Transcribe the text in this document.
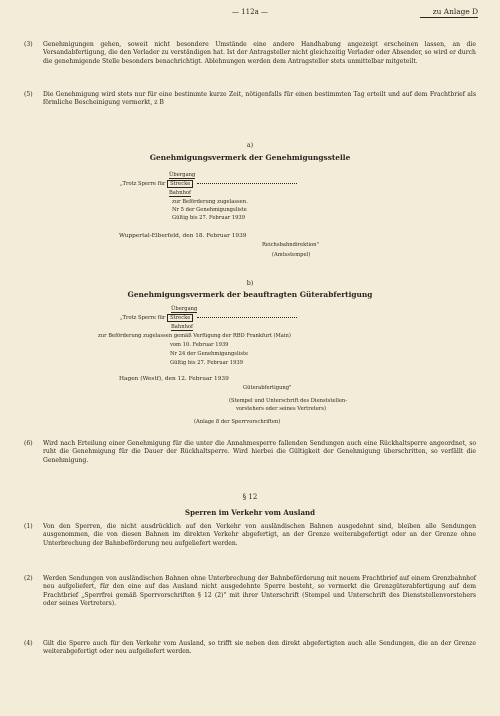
— 112a —	zu Anlage D
(3) Genehmigungen gehen, soweit nicht besondere Umstände eine andere Handhabung angezeigt erscheinen lassen, an die Versandabfertigung, die den Verlader zu verständigen hat. Ist der Antragsteller nicht gleichzeitig Verlader oder Absender, so wird er durch die genehmigende Stelle besonders benachrichtigt. Ablehnungen werden dem Antragsteller stets unmittelbar mitgeteilt.
(5) Die Genehmigung wird stets nur für eine bestimmte kurze Zeit, nötigenfalls für einen bestimmten Tag erteilt und auf dem Frachtbrief als förmliche Bescheinigung vermerkt, z B
a)
Genehmigungsvermerk der Genehmigungsstelle
Übergang
„Trotz Sperre für Strecke
Bahnhof
zur Beförderung zugelassen.
Nr 5 der Genehmigungsliste
Gültig bis 27. Februar 1939
Wuppertal-Elberfeld, den 18. Februar 1939
Reichsbahndirektion"
(Amtsstempel)
b)
Genehmigungsvermerk der beauftragten Güterabfertigung
Übergang
„Trotz Sperre für Strecke
Bahnhof
zur Beförderung zugelassen gemäß Verfügung der RBD Frankfurt (Main)
vom 10. Februar 1939
Nr 24 der Genehmigungsliste
Gültig bis 27. Februar 1939
Hagen (Westf), den 12. Februar 1939
Güterabfertigung"
(Stempel und Unterschrift des Dienststellen-
vorstehers oder seines Vertreters)
(Anlage 8 der Sperrvorschriften)
(6) Wird nach Erteilung einer Genehmigung für die unter die Annahmesperre fallenden Sendungen auch eine Rückhaltsperre angeordnet, so ruht die Genehmigung für die Dauer der Rückhaltsperre. Wird hierbei die Gültigkeit der Genehmigung überschritten, so verfällt die Genehmigung.
§ 12
Sperren im Verkehr vom Ausland
(1) Von den Sperren, die nicht ausdrücklich auf den Verkehr von ausländischen Bahnen ausgedehnt sind, bleiben alle Sendungen ausgenommen, die von diesen Bahnen im direkten Verkehr abgefertigt, an der Grenze weiterabgefertigt oder an der Grenze ohne Unterbrechung der Bahnbeförderung neu aufgeliefert werden.
(2) Werden Sendungen von ausländischen Bahnen ohne Unterbrechung der Bahnbeförderung mit neuem Frachtbrief auf einem Grenzbahnhof neu aufgeliefert, für den eine auf das Ausland nicht ausgedehnte Sperre besteht, so vermerkt die Grenzgüterabfertigung auf dem Frachtbrief „Sperrfrei gemäß Sperrvorschriften § 12 (2)" mit ihrer Unterschrift (Stempel und Unterschrift des Dienststellenvorstehers oder seines Vertreters).
(4) Gilt die Sperre auch für den Verkehr vom Ausland, so trifft sie neben den direkt abgefertigten auch alle Sendungen, die an der Grenze weiterabgefertigt oder neu aufgeliefert werden.
